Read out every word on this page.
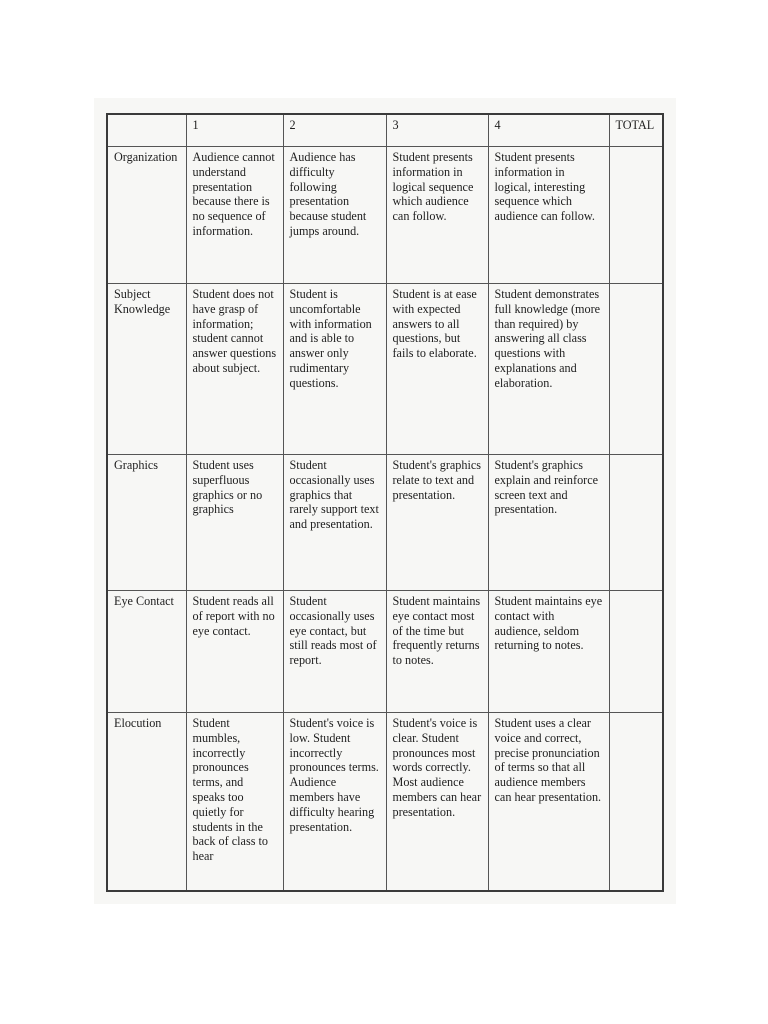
	1	2	3	4	TOTAL
Organization	Audience cannot understand presentation because there is no sequence of information.	Audience has difficulty following presentation because student jumps around.	Student presents information in logical sequence which audience can follow.	Student presents information in logical, interesting sequence which audience can follow.	
Subject Knowledge	Student does not have grasp of information; student cannot answer questions about subject.	Student is uncomfortable with information and is able to answer only rudimentary questions.	Student is at ease with expected answers to all questions, but fails to elaborate.	Student demonstrates full knowledge (more than required) by answering all class questions with explanations and elaboration.	
Graphics	Student uses superfluous graphics or no graphics	Student occasionally uses graphics that rarely support text and presentation.	Student's graphics relate to text and presentation.	Student's graphics explain and reinforce screen text and presentation.	
Eye Contact	Student reads all of report with no eye contact.	Student occasionally uses eye contact, but still reads most of report.	Student maintains eye contact most of the time but frequently returns to notes.	Student maintains eye contact with audience, seldom returning to notes.	
Elocution	Student mumbles, incorrectly pronounces terms, and speaks too quietly for students in the back of class to hear	Student's voice is low. Student incorrectly pronounces terms. Audience members have difficulty hearing presentation.	Student's voice is clear. Student pronounces most words correctly. Most audience members can hear presentation.	Student uses a clear voice and correct, precise pronunciation of terms so that all audience members can hear presentation.	
